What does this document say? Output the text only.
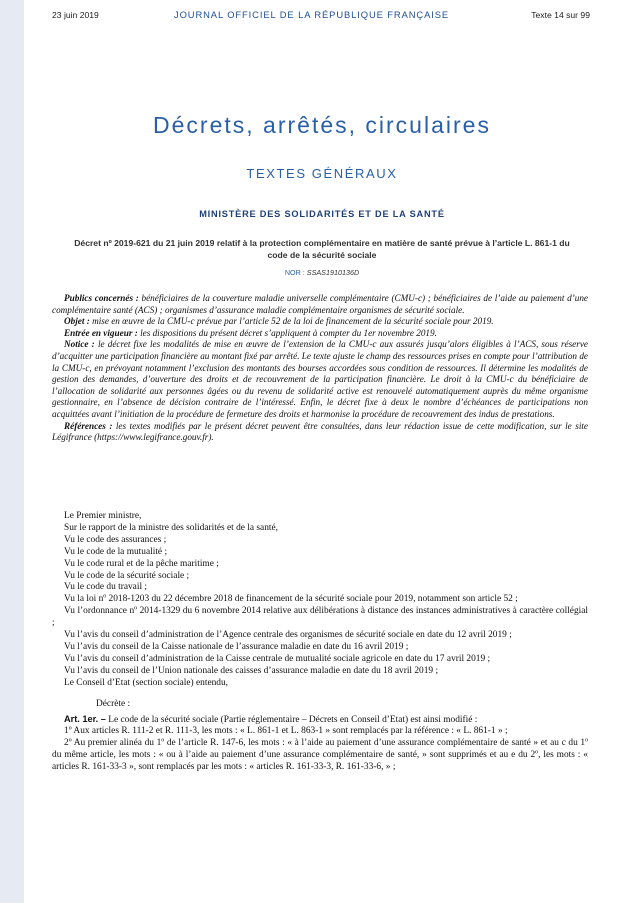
23 juin 2019	JOURNAL OFFICIEL DE LA RÉPUBLIQUE FRANÇAISE	Texte 14 sur 99
Décrets, arrêtés, circulaires
TEXTES GÉNÉRAUX
MINISTÈRE DES SOLIDARITÉS ET DE LA SANTÉ
Décret nº 2019-621 du 21 juin 2019 relatif à la protection complémentaire en matière de santé prévue à l’article L. 861-1 du code de la sécurité sociale
NOR : SSAS1910136D

Publics concernés : bénéficiaires de la couverture maladie universelle complémentaire (CMU-c) ; bénéficiaires de l’aide au paiement d’une complémentaire santé (ACS) ; organismes d’assurance maladie complémentaire organismes de sécurité sociale.

Objet : mise en œuvre de la CMU-c prévue par l’article 52 de la loi de financement de la sécurité sociale pour 2019.

Entrée en vigueur : les dispositions du présent décret s’appliquent à compter du 1er novembre 2019.

Notice : le décret fixe les modalités de mise en œuvre de l’extension de la CMU-c aux assurés jusqu’alors éligibles à l’ACS, sous réserve d’acquitter une participation financière au montant fixé par arrêté. Le texte ajuste le champ des ressources prises en compte pour l’attribution de la CMU-c, en prévoyant notamment l’exclusion des montants des bourses accordées sous condition de ressources. Il détermine les modalités de gestion des demandes, d’ouverture des droits et de recouvrement de la participation financière. Le droit à la CMU-c du bénéficiaire de l’allocation de solidarité aux personnes âgées ou du revenu de solidarité active est renouvelé automatiquement auprès du même organisme gestionnaire, en l’absence de décision contraire de l’intéressé. Enfin, le décret fixe à deux le nombre d’échéances de participations non acquittées avant l’initiation de la procédure de fermeture des droits et harmonise la procédure de recouvrement des indus de prestations.

Références : les textes modifiés par le présent décret peuvent être consultées, dans leur rédaction issue de cette modification, sur le site Légifrance (https://www.legifrance.gouv.fr).

Le Premier ministre,

Sur le rapport de la ministre des solidarités et de la santé,

Vu le code des assurances ;

Vu le code de la mutualité ;

Vu le code rural et de la pêche maritime ;

Vu le code de la sécurité sociale ;

Vu le code du travail ;

Vu la loi nº 2018-1203 du 22 décembre 2018 de financement de la sécurité sociale pour 2019, notamment son article 52 ;

Vu l’ordonnance nº 2014-1329 du 6 novembre 2014 relative aux délibérations à distance des instances administratives à caractère collégial ;

Vu l’avis du conseil d’administration de l’Agence centrale des organismes de sécurité sociale en date du 12 avril 2019 ;

Vu l’avis du conseil de la Caisse nationale de l’assurance maladie en date du 16 avril 2019 ;

Vu l’avis du conseil d’administration de la Caisse centrale de mutualité sociale agricole en date du 17 avril 2019 ;

Vu l’avis du conseil de l’Union nationale des caisses d’assurance maladie en date du 18 avril 2019 ;

Le Conseil d’Etat (section sociale) entendu,

Décrète :

Art. 1er. – Le code de la sécurité sociale (Partie réglementaire – Décrets en Conseil d’Etat) est ainsi modifié :

1º Aux articles R. 111-2 et R. 111-3, les mots : « L. 861-1 et L. 863-1 » sont remplacés par la référence : « L. 861-1 » ;

2º Au premier alinéa du 1º de l’article R. 147-6, les mots : « à l’aide au paiement d’une assurance complémentaire de santé » et au c du 1º du même article, les mots : « ou à l’aide au paiement d’une assurance complémentaire de santé, » sont supprimés et au e du 2º, les mots : « articles R. 161-33-3 », sont remplacés par les mots : « articles R. 161-33-3, R. 161-33-6, » ;
